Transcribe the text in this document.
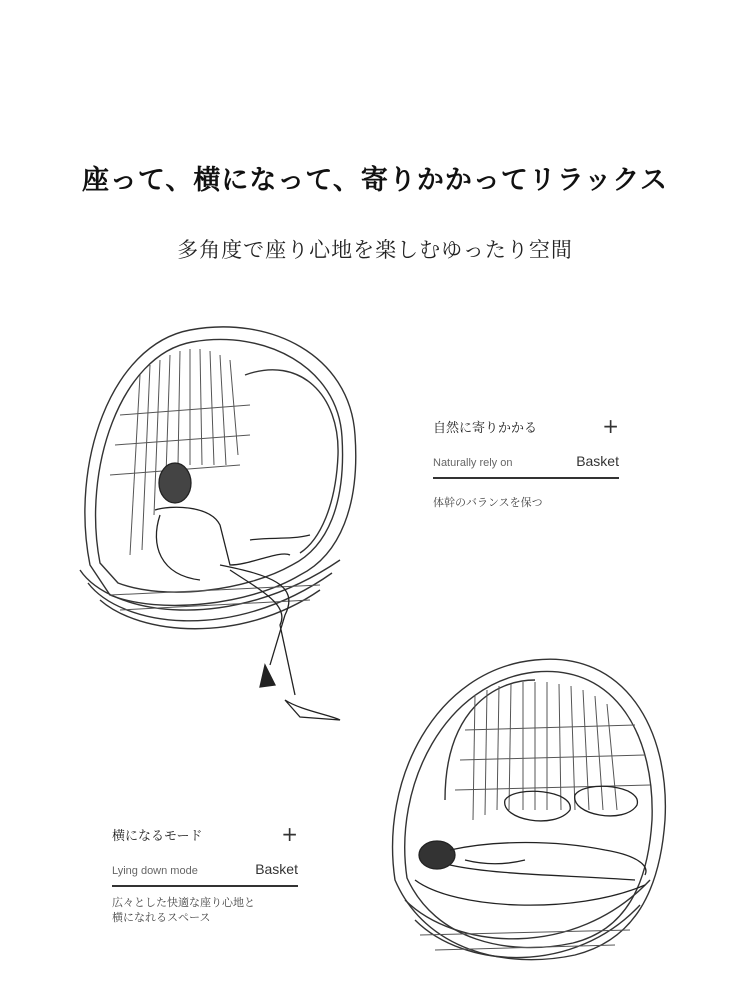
座って、横になって、寄りかかってリラックス
多角度で座り心地を楽しむゆったり空間
自然に寄りかかる	+
Naturally rely on	Basket
体幹のバランスを保つ
横になるモード	+
Lying down mode	Basket
広々とした快適な座り心地と
横になれるスペース
